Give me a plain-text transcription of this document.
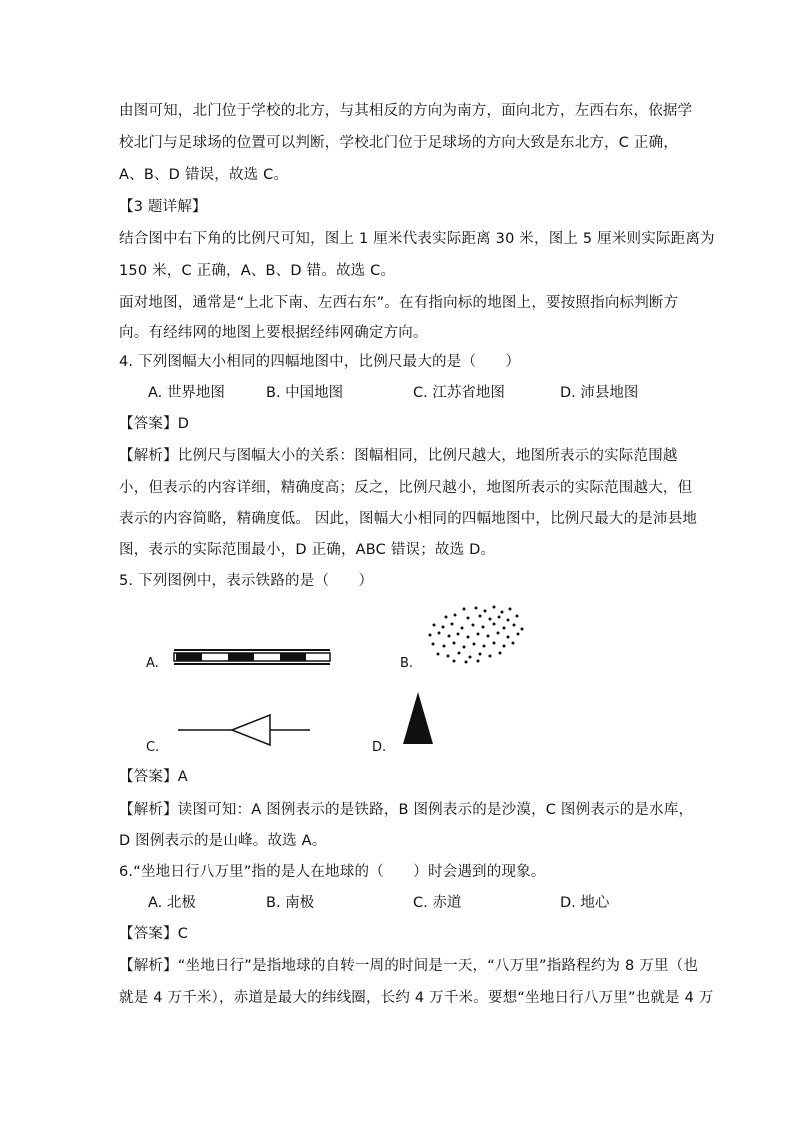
由图可知，北门位于学校的北方，与其相反的方向为南方，面向北方，左西右东，依据学
校北门与足球场的位置可以判断，学校北门位于足球场的方向大致是东北方，C 正确，
A、B、D 错误，故选 C。
【3 题详解】
结合图中右下角的比例尺可知，图上 1 厘米代表实际距离 30 米，图上 5 厘米则实际距离为
150 米，C 正确，A、B、D 错。故选 C。
面对地图，通常是“上北下南、左西右东”。在有指向标的地图上，要按照指向标判断方
向。有经纬网的地图上要根据经纬网确定方向。
4. 下列图幅大小相同的四幅地图中，比例尺最大的是（　　）
A. 世界地图	B. 中国地图	C. 江苏省地图	D. 沛县地图
【答案】D
【解析】比例尺与图幅大小的关系：图幅相同，比例尺越大，地图所表示的实际范围越
小，但表示的内容详细，精确度高；反之，比例尺越小，地图所表示的实际范围越大，但
表示的内容简略，精确度低。 因此，图幅大小相同的四幅地图中，比例尺最大的是沛县地
图，表示的实际范围最小，D 正确，ABC 错误；故选 D。
5. 下列图例中，表示铁路的是（　　）
A.	B.
C.	D.
【答案】A
【解析】读图可知：A 图例表示的是铁路，B 图例表示的是沙漠，C 图例表示的是水库，
D 图例表示的是山峰。故选 A。
6.“坐地日行八万里”指的是人在地球的（　　）时会遇到的现象。
A. 北极	B. 南极	C. 赤道	D. 地心
【答案】C
【解析】“坐地日行”是指地球的自转一周的时间是一天，“八万里”指路程约为 8 万里（也
就是 4 万千米），赤道是最大的纬线圈，长约 4 万千米。要想“坐地日行八万里”也就是 4 万
